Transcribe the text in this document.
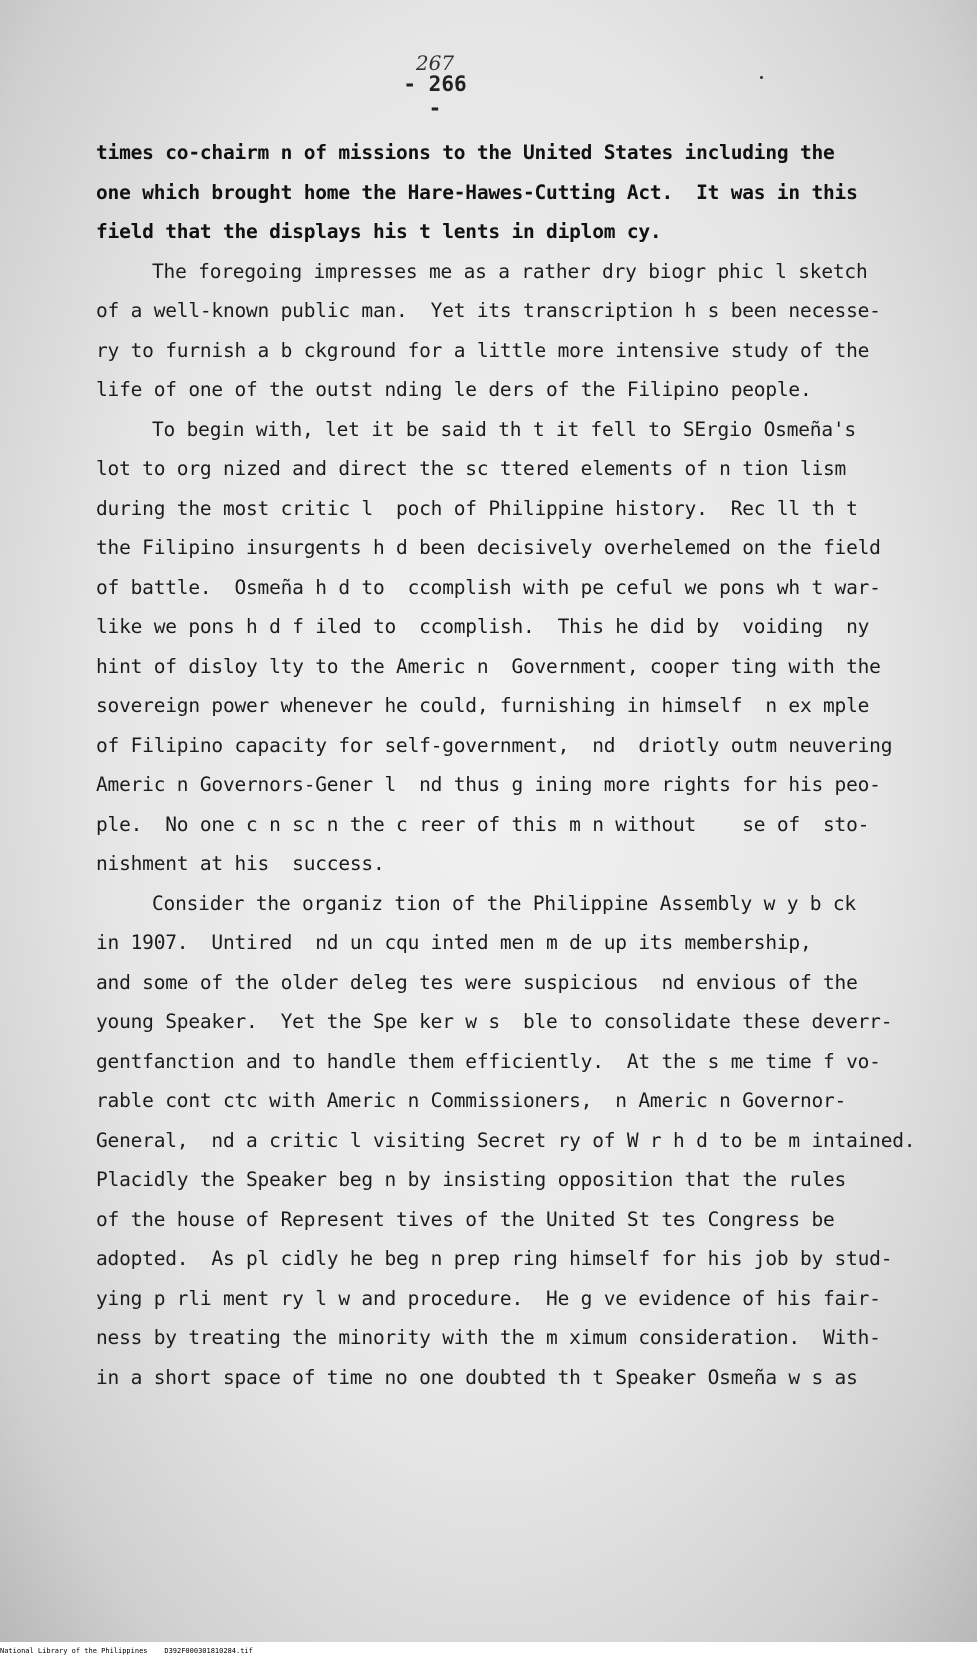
267
- 266 -
times co-chairm n of missions to the United States including the
one which brought home the Hare-Hawes-Cutting Act.  It was in this
field that the displays his t lents in diplom cy.
The foregoing impresses me as a rather dry biogr phic l sketch
of a well-known public man.  Yet its transcription h s been necesse-
ry to furnish a b ckground for a little more intensive study of the
life of one of the outst nding le ders of the Filipino people.
To begin with, let it be said th t it fell to SErgio Osmeña's
lot to org nized and direct the sc ttered elements of n tion lism
during the most critic l  poch of Philippine history.  Rec ll th t
the Filipino insurgents h d been decisively overhelemed on the field
of battle.  Osmeña h d to  ccomplish with pe ceful we pons wh t war-
like we pons h d f iled to  ccomplish.  This he did by  voiding  ny
hint of disloy lty to the Americ n  Government, cooper ting with the
sovereign power whenever he could, furnishing in himself  n ex mple
of Filipino capacity for self-government,  nd  driotly outm neuvering
Americ n Governors-Gener l  nd thus g ining more rights for his peo-
ple.  No one c n sc n the c reer of this m n without    se of  sto-
nishment at his  success.
Consider the organiz tion of the Philippine Assembly w y b ck
in 1907.  Untired  nd un cqu inted men m de up its membership,
and some of the older deleg tes were suspicious  nd envious of the
young Speaker.  Yet the Spe ker w s  ble to consolidate these deverr-
gentfanction and to handle them efficiently.  At the s me time f vo-
rable cont ctc with Americ n Commissioners,  n Americ n Governor-
General,  nd a critic l visiting Secret ry of W r h d to be m intained.
Placidly the Speaker beg n by insisting opposition that the rules
of the house of Represent tives of the United St tes Congress be
adopted.  As pl cidly he beg n prep ring himself for his job by stud-
ying p rli ment ry l w and procedure.  He g ve evidence of his fair-
ness by treating the minority with the m ximum consideration.  With-
in a short space of time no one doubted th t Speaker Osmeña w s as
National Library of the Philippines    D392F000301810284.tif
